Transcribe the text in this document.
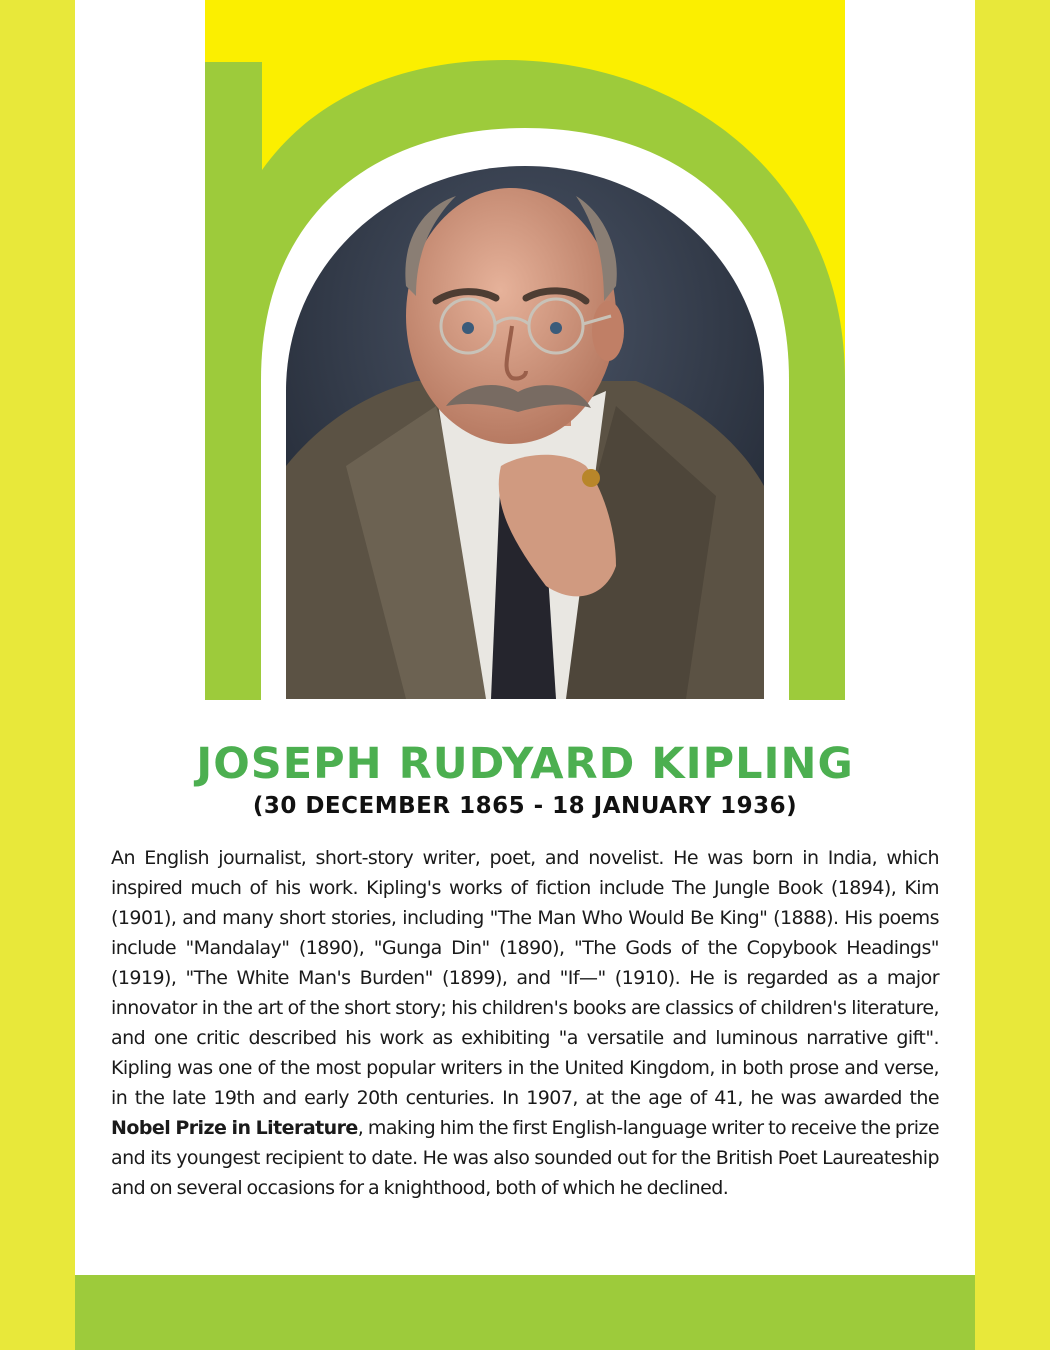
JOSEPH RUDYARD KIPLING
(30 DECEMBER 1865 - 18 JANUARY 1936)

An English journalist, short-story writer, poet, and novelist. He was born in India, which inspired much of his work. Kipling's works of fiction include The Jungle Book (1894), Kim (1901), and many short stories, including "The Man Who Would Be King" (1888). His poems include "Mandalay" (1890), "Gunga Din" (1890), "The Gods of the Copybook Headings" (1919), "The White Man's Burden" (1899), and "If—" (1910). He is regarded as a major innovator in the art of the short story; his children's books are classics of children's literature, and one critic described his work as exhibiting "a versatile and luminous narrative gift". Kipling was one of the most popular writers in the United Kingdom, in both prose and verse, in the late 19th and early 20th centuries. In 1907, at the age of 41, he was awarded the Nobel Prize in Literature, making him the first English-language writer to receive the prize and its youngest recipient to date. He was also sounded out for the British Poet Laureateship and on several occasions for a knighthood, both of which he declined.
